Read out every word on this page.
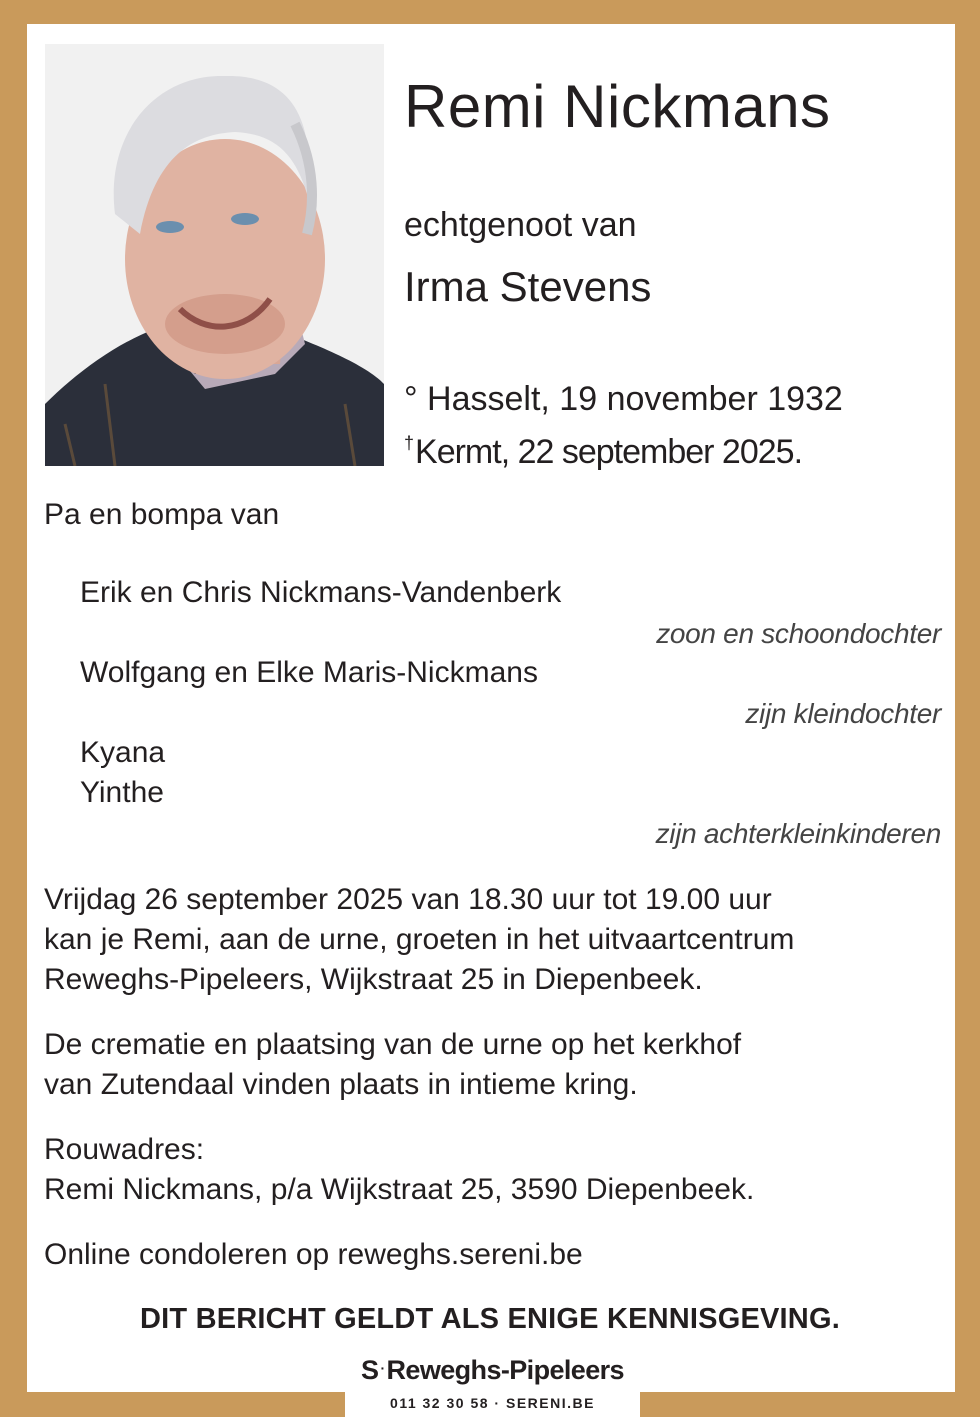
Remi Nickmans
echtgenoot van
Irma Stevens
° Hasselt, 19 november 1932
†Kermt, 22 september 2025.
Pa en bompa van
Erik en Chris Nickmans-Vandenberk
zoon en schoondochter
Wolfgang en Elke Maris-Nickmans
zijn kleindochter
Kyana
Yinthe
zijn achterkleinkinderen
Vrijdag 26 september 2025 van 18.30 uur tot 19.00 uur
kan je Remi, aan de urne, groeten in het uitvaartcentrum
Reweghs-Pipeleers, Wijkstraat 25 in Diepenbeek.
De crematie en plaatsing van de urne op het kerkhof
van Zutendaal vinden plaats in intieme kring.
Rouwadres:
Remi Nickmans, p/a Wijkstraat 25, 3590 Diepenbeek.
Online condoleren op reweghs.sereni.be
DIT BERICHT GELDT ALS ENIGE KENNISGEVING.
S ·Reweghs-Pipeleers
011 32 30 58 · SERENI.BE
